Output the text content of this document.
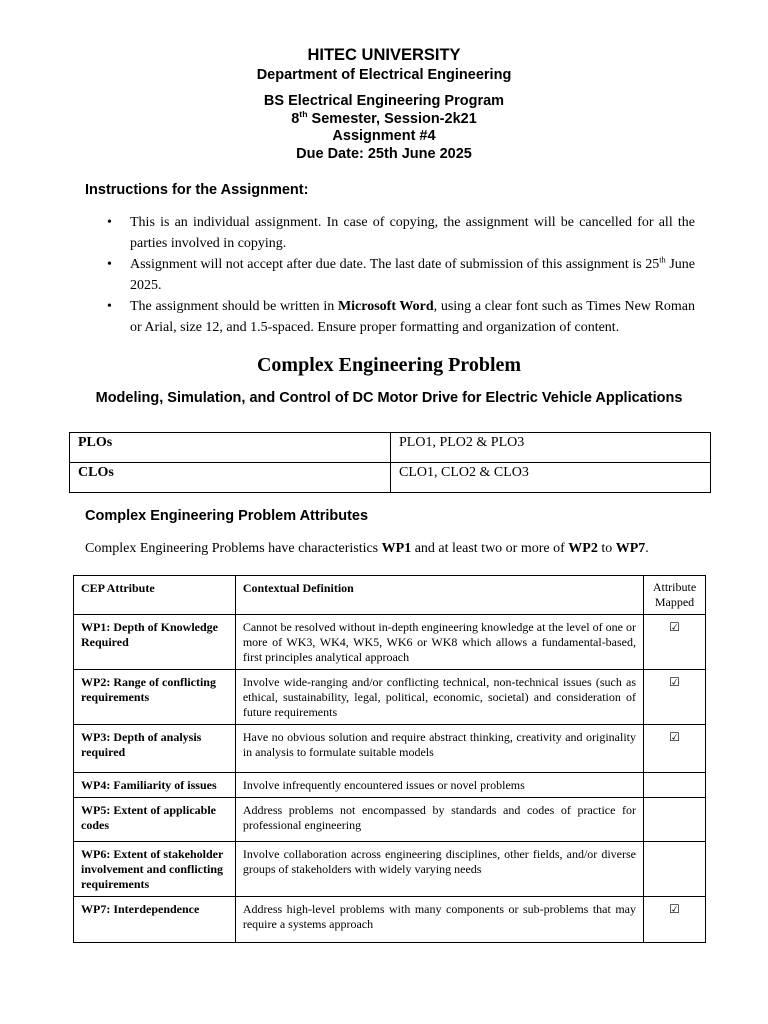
HITEC UNIVERSITY
Department of Electrical Engineering
BS Electrical Engineering Program
8th Semester, Session-2k21
Assignment #4
Due Date: 25th June 2025
Instructions for the Assignment:
• This is an individual assignment. In case of copying, the assignment will be cancelled for all the parties involved in copying.
• Assignment will not accept after due date. The last date of submission of this assignment is 25th June 2025.
• The assignment should be written in Microsoft Word, using a clear font such as Times New Roman or Arial, size 12, and 1.5-spaced. Ensure proper formatting and organization of content.
Complex Engineering Problem
Modeling, Simulation, and Control of DC Motor Drive for Electric Vehicle Applications
PLOs	PLO1, PLO2 & PLO3
CLOs	CLO1, CLO2 & CLO3
Complex Engineering Problem Attributes
Complex Engineering Problems have characteristics WP1 and at least two or more of WP2 to WP7.
CEP Attribute	Contextual Definition	Attribute Mapped
WP1: Depth of Knowledge Required	Cannot be resolved without in-depth engineering knowledge at the level of one or more of WK3, WK4, WK5, WK6 or WK8 which allows a fundamental-based, first principles analytical approach	☑
WP2: Range of conflicting requirements	Involve wide-ranging and/or conflicting technical, non-technical issues (such as ethical, sustainability, legal, political, economic, societal) and consideration of future requirements	☑
WP3: Depth of analysis required	Have no obvious solution and require abstract thinking, creativity and originality in analysis to formulate suitable models	☑
WP4: Familiarity of issues	Involve infrequently encountered issues or novel problems	
WP5: Extent of applicable codes	Address problems not encompassed by standards and codes of practice for professional engineering	
WP6: Extent of stakeholder involvement and conflicting requirements	Involve collaboration across engineering disciplines, other fields, and/or diverse groups of stakeholders with widely varying needs	
WP7: Interdependence	Address high-level problems with many components or sub-problems that may require a systems approach	☑
